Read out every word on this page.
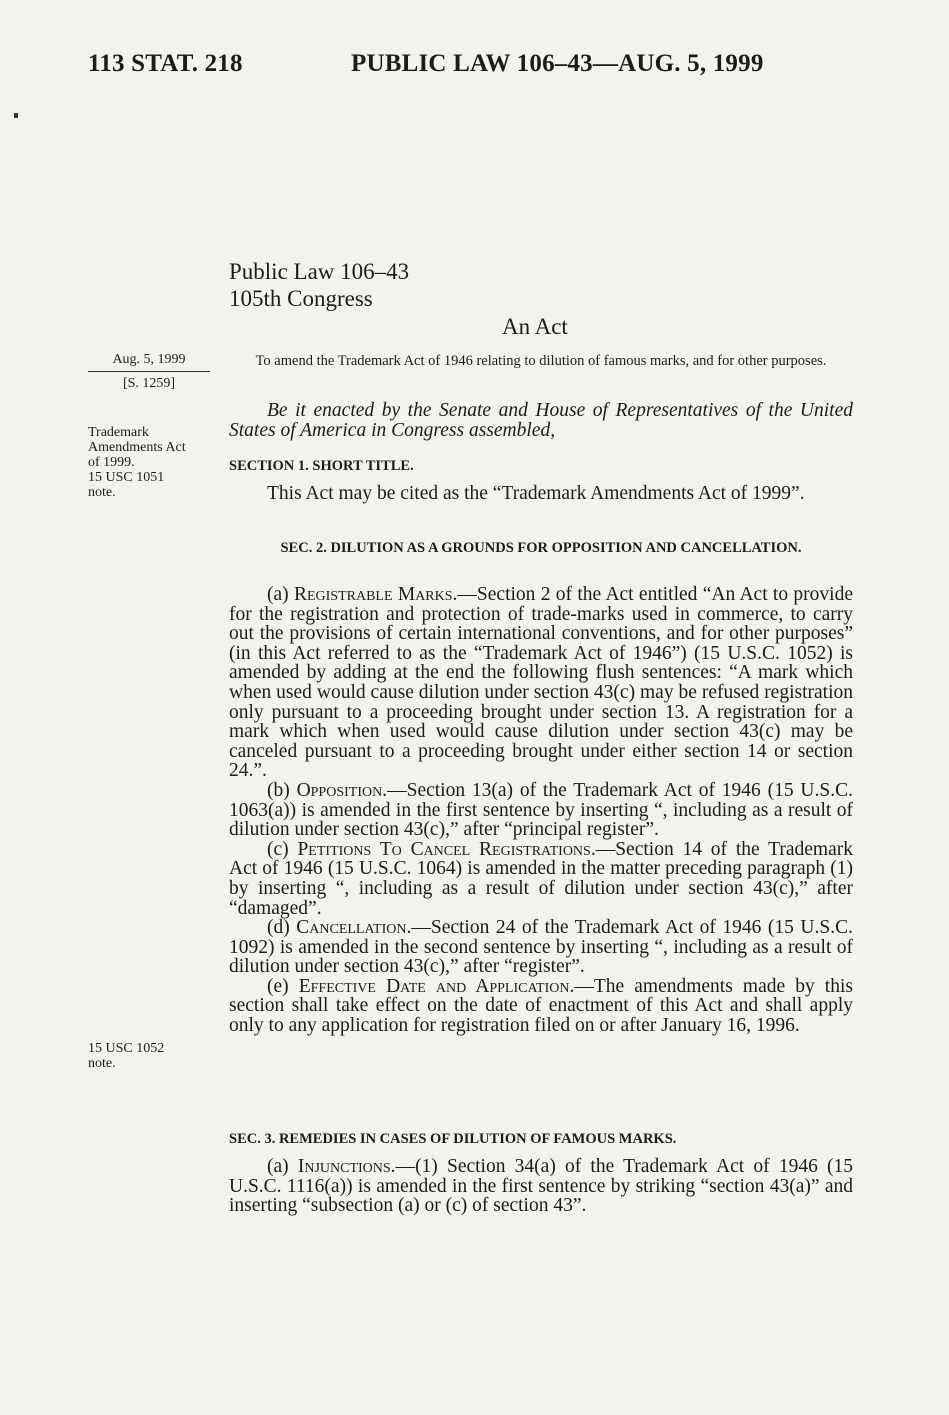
113 STAT. 218	PUBLIC LAW 106–43—AUG. 5, 1999
Public Law 106–43
105th Congress
An Act
Aug. 5, 1999
[S. 1259]
To amend the Trademark Act of 1946 relating to dilution of famous marks, and for other purposes.
Trademark
Amendments Act
of 1999.
15 USC 1051
note.
Be it enacted by the Senate and House of Representatives of the United States of America in Congress assembled,
SECTION 1. SHORT TITLE.

This Act may be cited as the “Trademark Amendments Act of 1999”.

SEC. 2. DILUTION AS A GROUNDS FOR OPPOSITION AND CANCELLATION.

(a) Registrable Marks.—Section 2 of the Act entitled “An Act to provide for the registration and protection of trade-marks used in commerce, to carry out the provisions of certain international conventions, and for other purposes” (in this Act referred to as the “Trademark Act of 1946”) (15 U.S.C. 1052) is amended by adding at the end the following flush sentences: “A mark which when used would cause dilution under section 43(c) may be refused registration only pursuant to a proceeding brought under section 13. A registration for a mark which when used would cause dilution under section 43(c) may be canceled pursuant to a proceeding brought under either section 14 or section 24.”.

(b) Opposition.—Section 13(a) of the Trademark Act of 1946 (15 U.S.C. 1063(a)) is amended in the first sentence by inserting “, including as a result of dilution under section 43(c),” after “principal register”.

(c) Petitions To Cancel Registrations.—Section 14 of the Trademark Act of 1946 (15 U.S.C. 1064) is amended in the matter preceding paragraph (1) by inserting “, including as a result of dilution under section 43(c),” after “damaged”.

(d) Cancellation.—Section 24 of the Trademark Act of 1946 (15 U.S.C. 1092) is amended in the second sentence by inserting “, including as a result of dilution under section 43(c),” after “register”.

(e) Effective Date and Application.—The amendments made by this section shall take effect on the date of enactment of this Act and shall apply only to any application for registration filed on or after January 16, 1996.

15 USC 1052
note.
SEC. 3. REMEDIES IN CASES OF DILUTION OF FAMOUS MARKS.

(a) Injunctions.—(1) Section 34(a) of the Trademark Act of 1946 (15 U.S.C. 1116(a)) is amended in the first sentence by striking “section 43(a)” and inserting “subsection (a) or (c) of section 43”.
